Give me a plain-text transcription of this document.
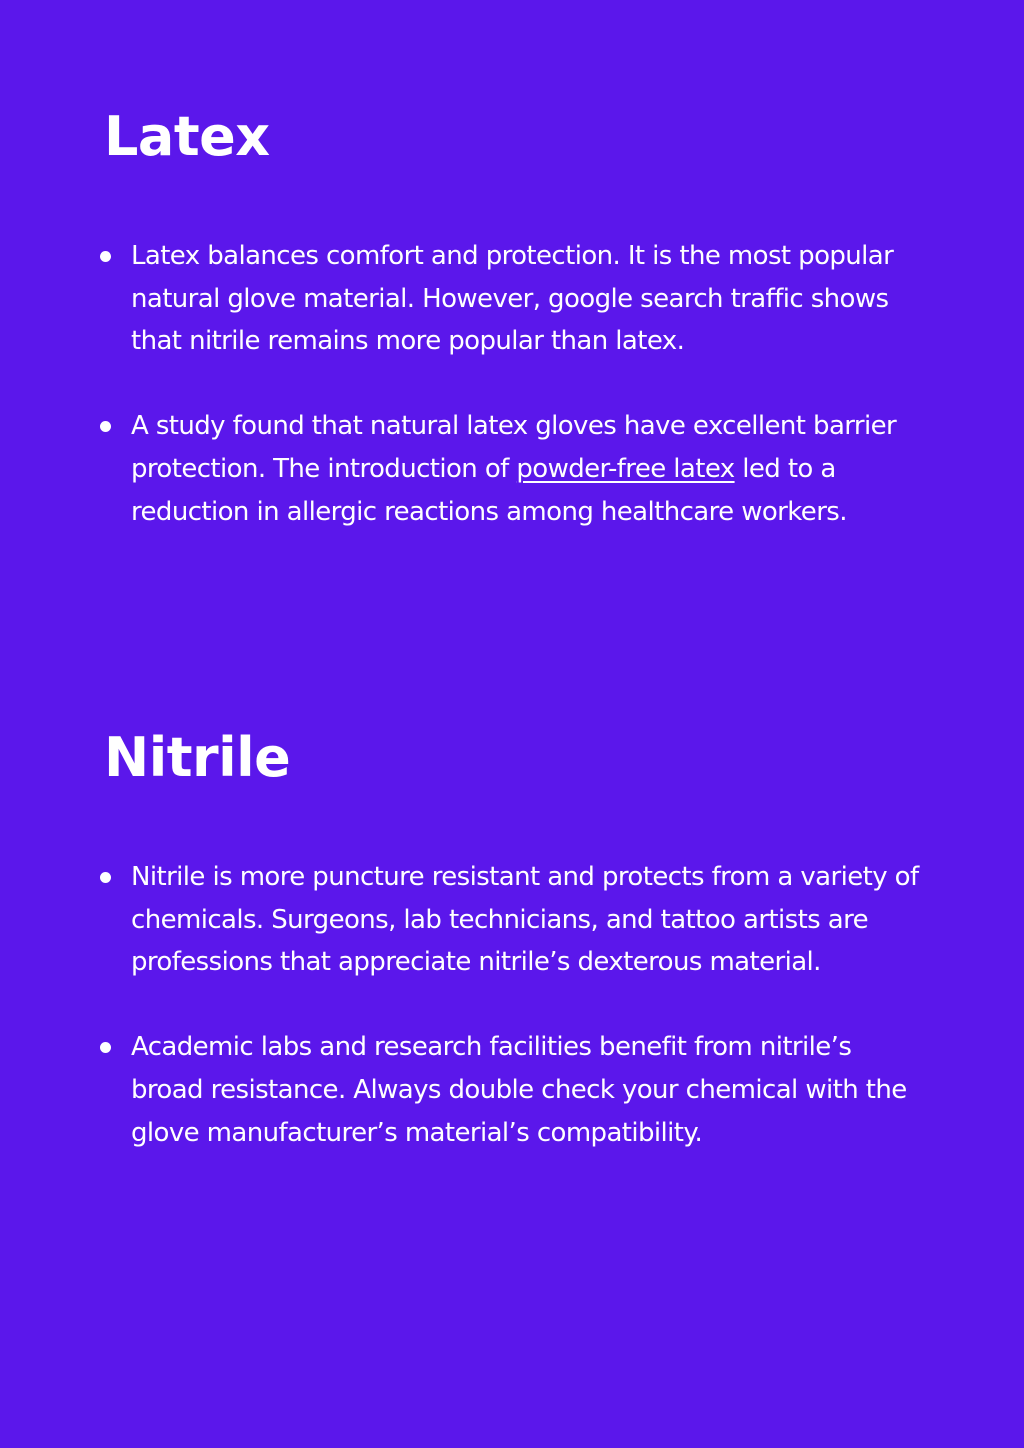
Latex
Latex balances comfort and protection. It is the most popular natural glove material. However, google search traffic shows that nitrile remains more popular than latex.
A study found that natural latex gloves have excellent barrier protection. The introduction of powder-free latex led to a reduction in allergic reactions among healthcare workers.
Nitrile
Nitrile is more puncture resistant and protects from a variety of chemicals. Surgeons, lab technicians, and tattoo artists are professions that appreciate nitrile’s dexterous material.
Academic labs and research facilities benefit from nitrile’s broad resistance. Always double check your chemical with the glove manufacturer’s material’s compatibility.
